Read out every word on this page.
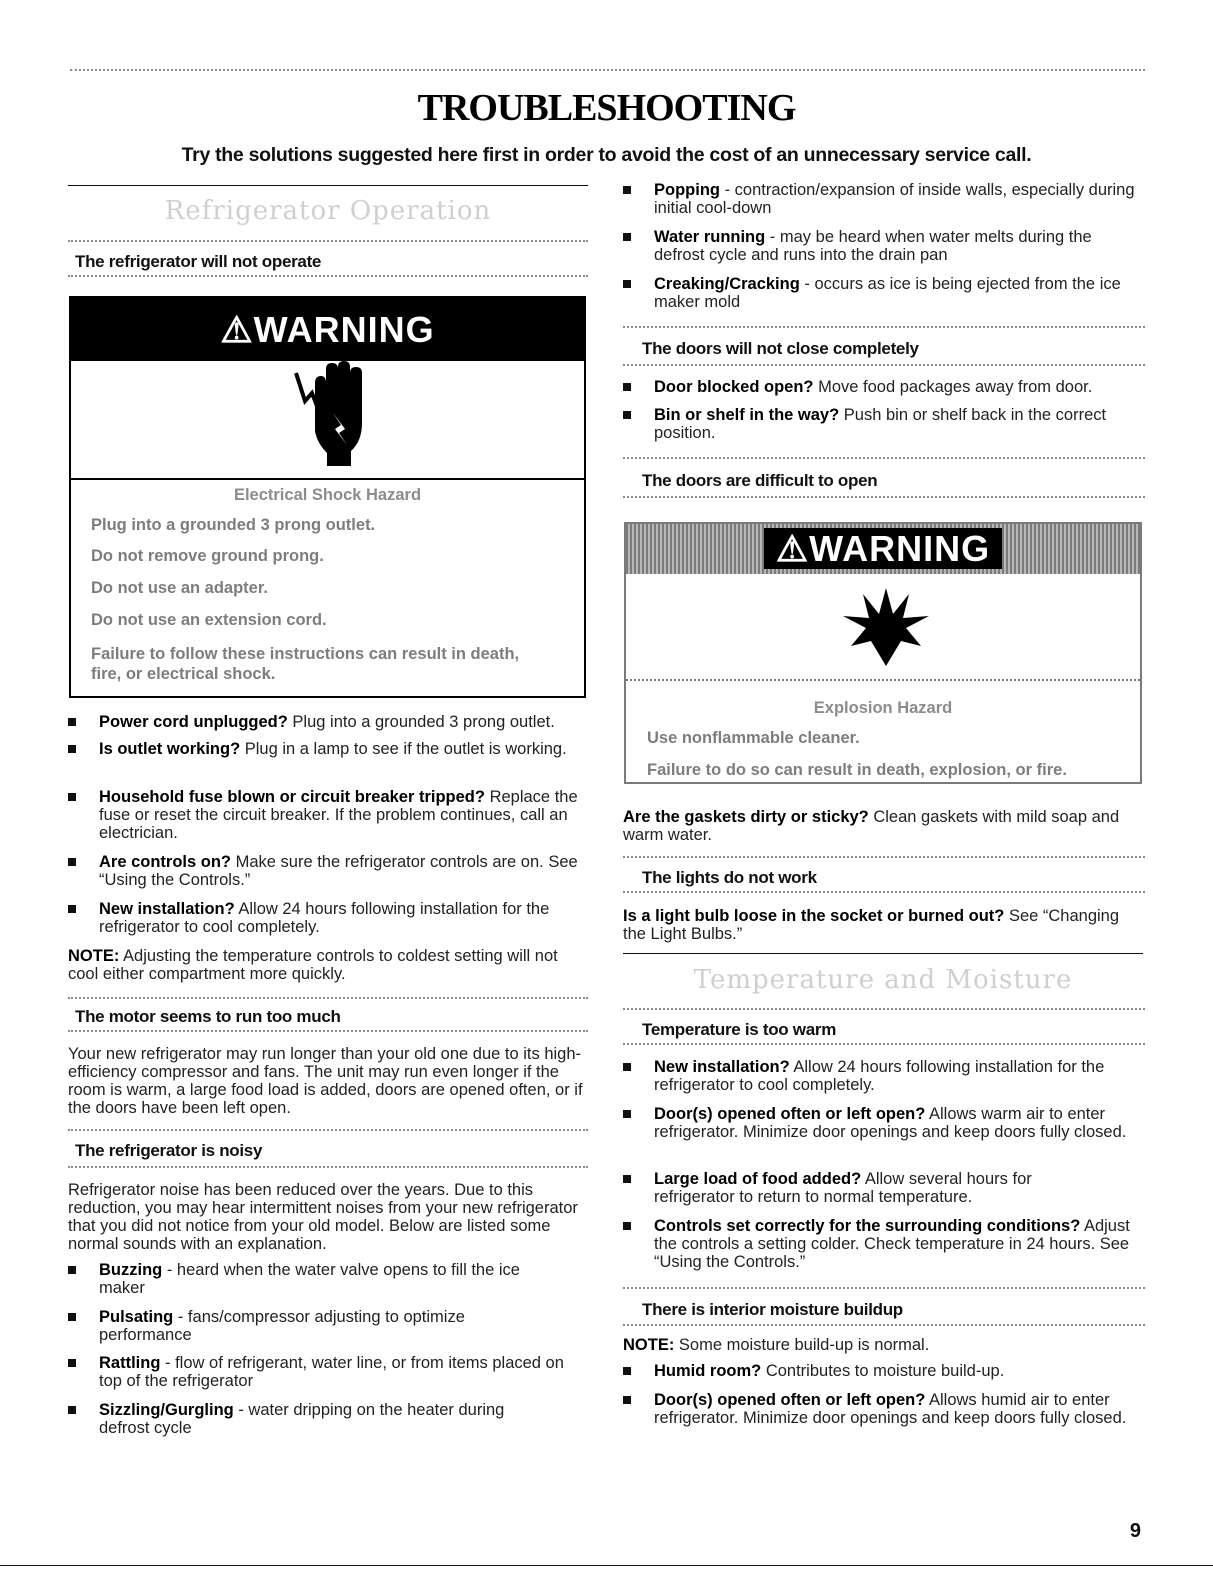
TROUBLESHOOTING
Try the solutions suggested here first in order to avoid the cost of an unnecessary service call.
Refrigerator Operation
The refrigerator will not operate
⚠WARNING
Electrical Shock Hazard
Plug into a grounded 3 prong outlet.
Do not remove ground prong.
Do not use an adapter.
Do not use an extension cord.
Failure to follow these instructions can result in death,
fire, or electrical shock.
Power cord unplugged? Plug into a grounded 3 prong outlet.
Is outlet working? Plug in a lamp to see if the outlet is working.
Household fuse blown or circuit breaker tripped? Replace the fuse or reset the circuit breaker. If the problem continues, call an electrician.
Are controls on? Make sure the refrigerator controls are on. See “Using the Controls.”
New installation? Allow 24 hours following installation for the refrigerator to cool completely.
NOTE: Adjusting the temperature controls to coldest setting will not cool either compartment more quickly.
The motor seems to run too much
Your new refrigerator may run longer than your old one due to its high-efficiency compressor and fans. The unit may run even longer if the room is warm, a large food load is added, doors are opened often, or if the doors have been left open.
The refrigerator is noisy
Refrigerator noise has been reduced over the years. Due to this reduction, you may hear intermittent noises from your new refrigerator that you did not notice from your old model. Below are listed some normal sounds with an explanation.
Buzzing - heard when the water valve opens to fill the ice maker
Pulsating - fans/compressor adjusting to optimize performance
Rattling - flow of refrigerant, water line, or from items placed on top of the refrigerator
Sizzling/Gurgling - water dripping on the heater during defrost cycle
Popping - contraction/expansion of inside walls, especially during initial cool-down
Water running - may be heard when water melts during the defrost cycle and runs into the drain pan
Creaking/Cracking - occurs as ice is being ejected from the ice maker mold
The doors will not close completely
Door blocked open? Move food packages away from door.
Bin or shelf in the way? Push bin or shelf back in the correct position.
The doors are difficult to open
⚠WARNING
Explosion Hazard
Use nonflammable cleaner.
Failure to do so can result in death, explosion, or fire.
Are the gaskets dirty or sticky? Clean gaskets with mild soap and warm water.
The lights do not work
Is a light bulb loose in the socket or burned out? See “Changing the Light Bulbs.”
Temperature and Moisture
Temperature is too warm
New installation? Allow 24 hours following installation for the refrigerator to cool completely.
Door(s) opened often or left open? Allows warm air to enter refrigerator. Minimize door openings and keep doors fully closed.
Large load of food added? Allow several hours for refrigerator to return to normal temperature.
Controls set correctly for the surrounding conditions? Adjust the controls a setting colder. Check temperature in 24 hours. See “Using the Controls.”
There is interior moisture buildup
NOTE: Some moisture build-up is normal.
Humid room? Contributes to moisture build-up.
Door(s) opened often or left open? Allows humid air to enter refrigerator. Minimize door openings and keep doors fully closed.
9
